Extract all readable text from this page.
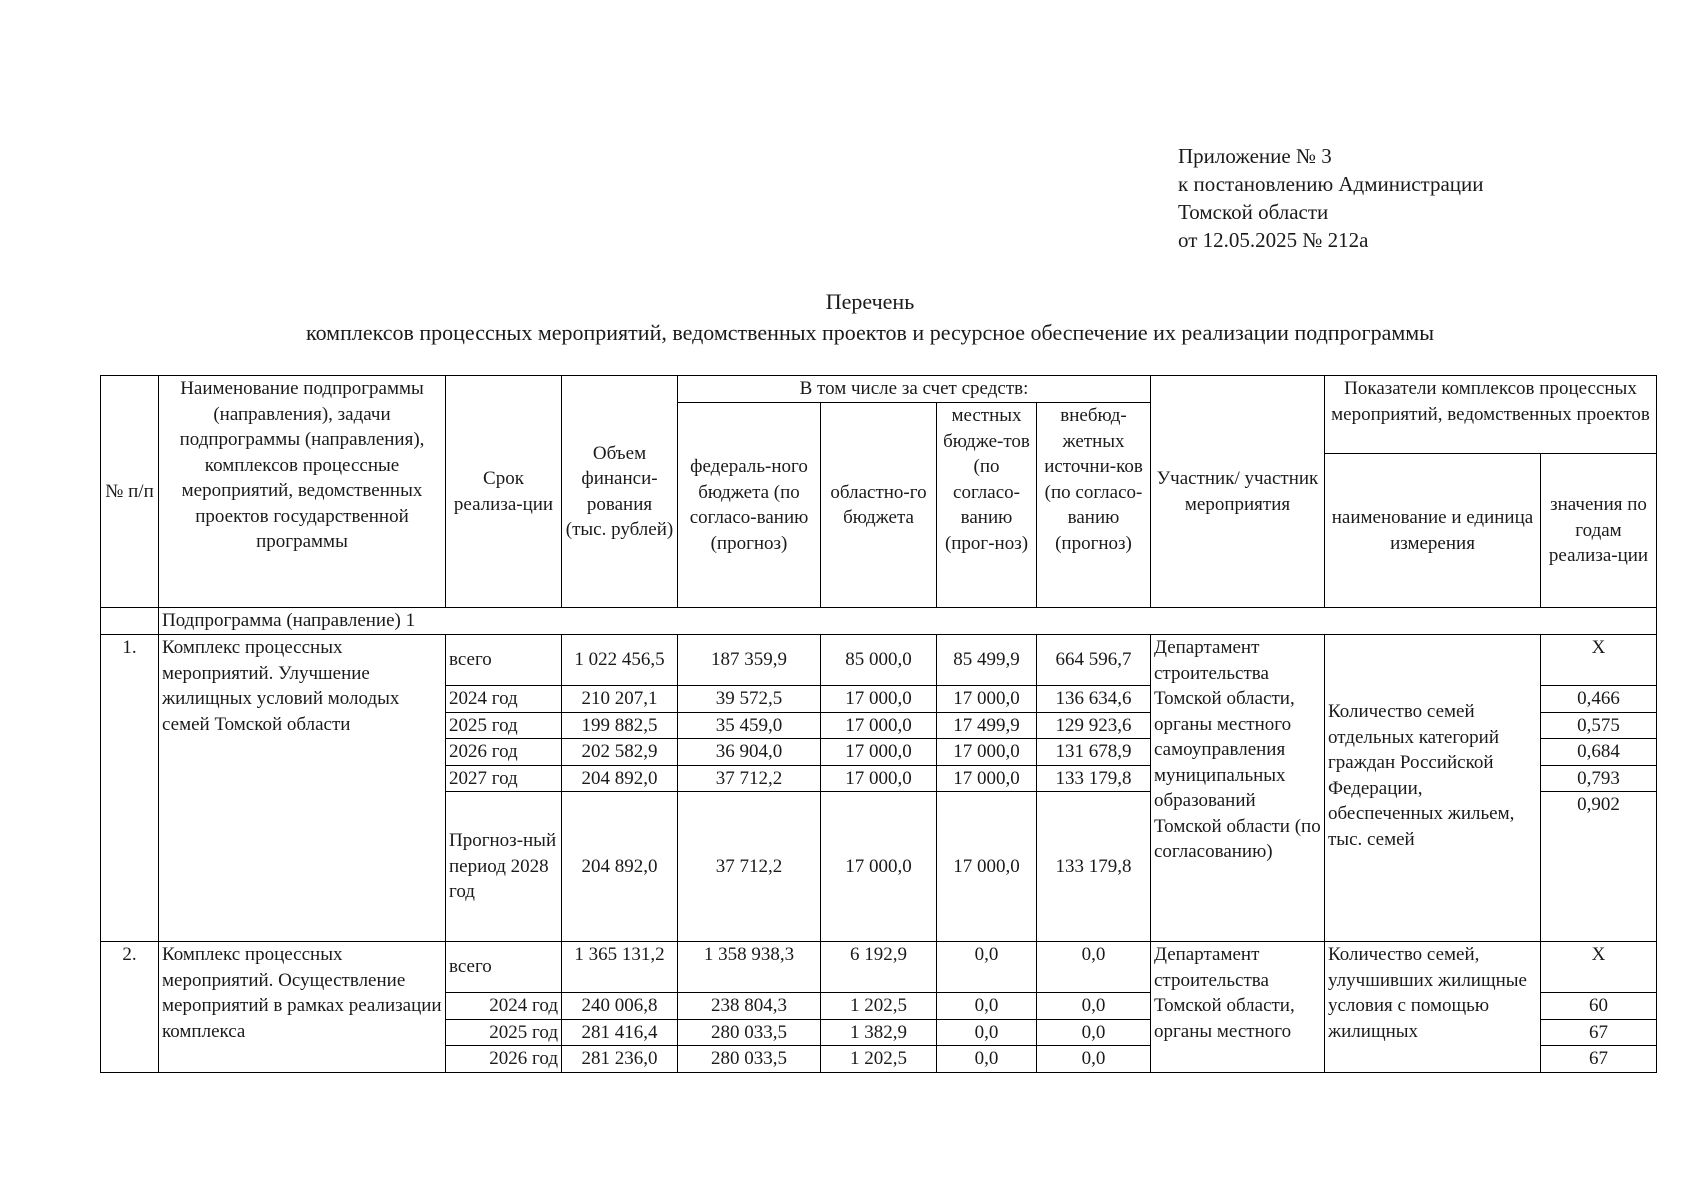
Приложение № 3
к постановлению Администрации
Томской области
от 12.05.2025 № 212а
Перечень
комплексов процессных мероприятий, ведомственных проектов и ресурсное обеспечение их реализации подпрограммы
№ п/п	Наименование подпрограммы (направления), задачи подпрограммы (направления), комплексов процессные мероприятий, ведомственных проектов государственной программы	Срок реализа-ции	Объем финанси-рования (тыс. рублей)	В том числе за счет средств:				Участник/ участник мероприятия	Показатели комплексов процессных мероприятий, ведомственных проектов	
				федераль-ного бюджета (по согласо-ванию (прогноз)	областно-го бюджета	местных бюдже-тов (по согласо-ванию (прог-ноз)	внебюд-жетных источни-ков (по согласо-ванию (прогноз)			
									наименование и единица измерения	значения по годам реализа-ции
	Подпрограмма (направление) 1									
1.	Комплекс процессных мероприятий. Улучшение жилищных условий молодых семей Томской области	всего	1 022 456,5	187 359,9	85 000,0	85 499,9	664 596,7	Департамент строительства Томской области, органы местного самоуправления муниципальных образований Томской области (по согласованию)	Количество семей отдельных категорий граждан Российской Федерации, обеспеченных жильем, тыс. семей	Х
		2024 год	210 207,1	39 572,5	17 000,0	17 000,0	136 634,6			0,466
		2025 год	199 882,5	35 459,0	17 000,0	17 499,9	129 923,6			0,575
		2026 год	202 582,9	36 904,0	17 000,0	17 000,0	131 678,9			0,684
		2027 год	204 892,0	37 712,2	17 000,0	17 000,0	133 179,8			0,793
		Прогноз-ный период 2028 год	204 892,0	37 712,2	17 000,0	17 000,0	133 179,8			0,902
2.	Комплекс процессных мероприятий. Осуществление мероприятий в рамках реализации комплекса	всего	1 365 131,2	1 358 938,3	6 192,9	0,0	0,0	Департамент строительства Томской области, органы местного	Количество семей, улучшивших жилищные условия с помощью жилищных	Х
		2024 год	240 006,8	238 804,3	1 202,5	0,0	0,0			60
		2025 год	281 416,4	280 033,5	1 382,9	0,0	0,0			67
		2026 год	281 236,0	280 033,5	1 202,5	0,0	0,0			67
